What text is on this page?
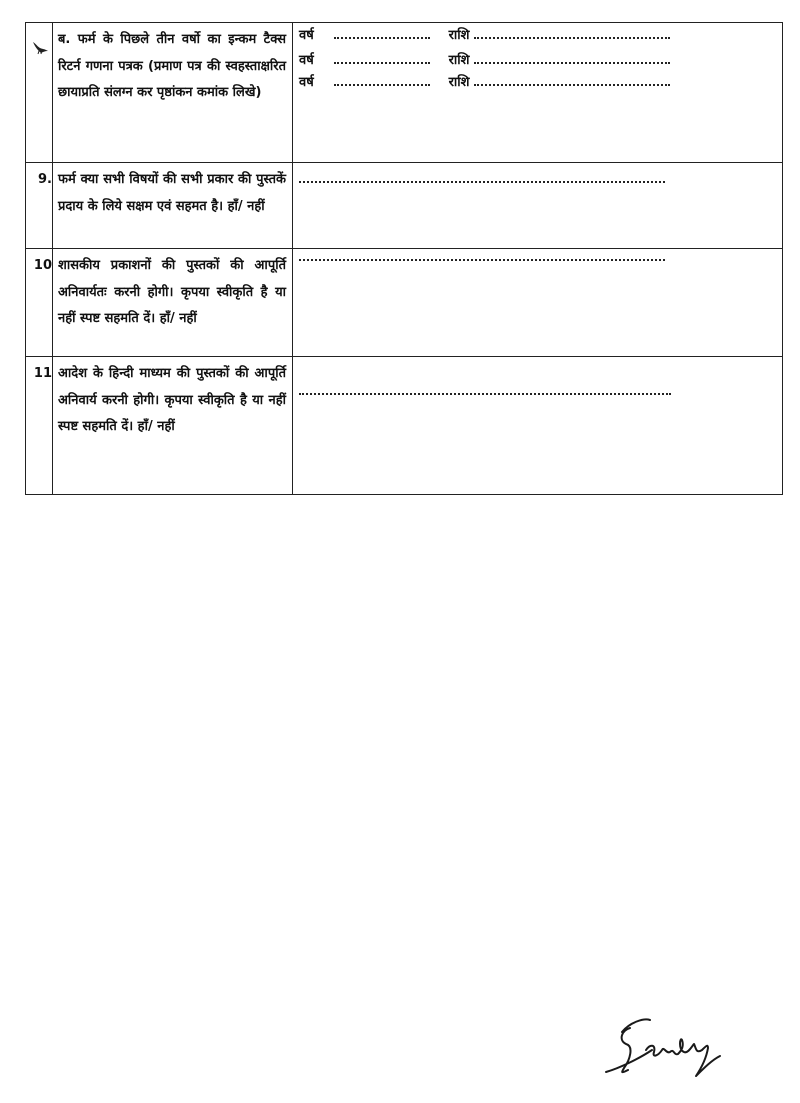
ब. फर्म के पिछले तीन वर्षो का इन्कम टैक्स रिटर्न गणना पत्रक (प्रमाण पत्र की स्वहस्ताक्षरित छायाप्रति संलग्न कर पृष्ठांकन कमांक लिखे)	वर्ष राशि
वर्ष राशि
वर्ष राशि

9.	फर्म क्या सभी विषयों की सभी प्रकार की पुस्तकें प्रदाय के लिये सक्षम एवं सहमत है। हाँ/ नहीं	

10	शासकीय प्रकाशनों की पुस्तकों की आपूर्ति अनिवार्यतः करनी होगी। कृपया स्वीकृति है या नहीं स्पष्ट सहमति दें। हाँ/ नहीं	

11	आदेश के हिन्दी माध्यम की पुस्तकों की आपूर्ति अनिवार्य करनी होगी। कृपया स्वीकृति है या नहीं स्पष्ट सहमति दें। हाँ/ नहीं	
